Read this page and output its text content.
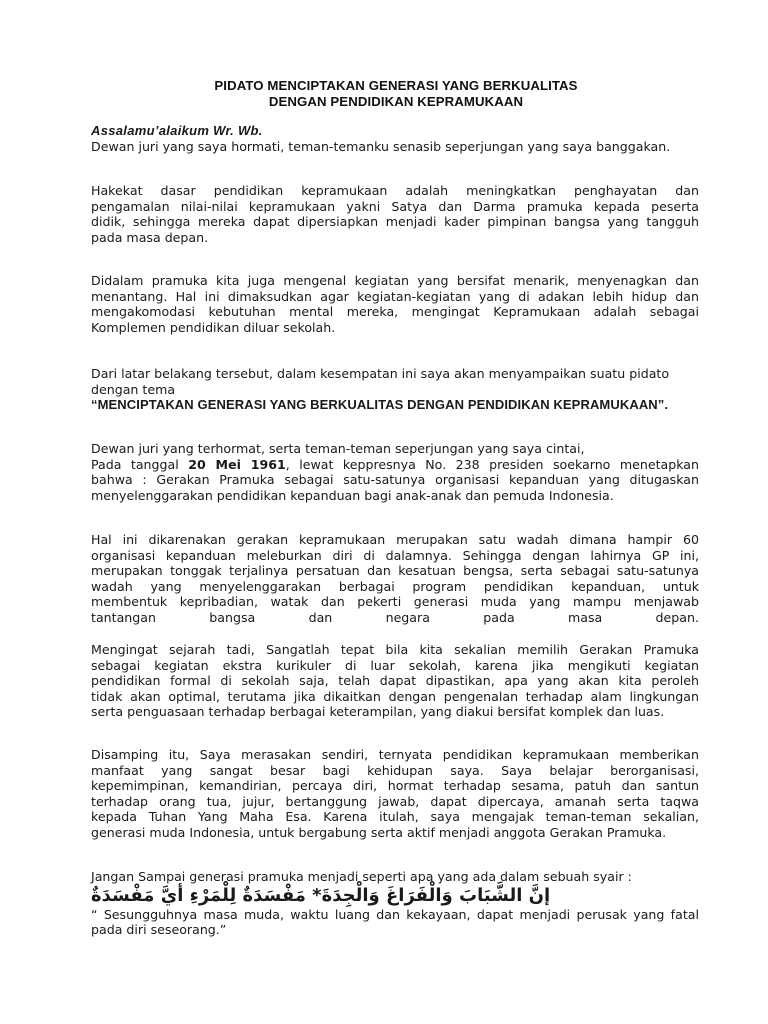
PIDATO MENCIPTAKAN GENERASI YANG BERKUALITAS
DENGAN PENDIDIKAN KEPRAMUKAAN
Assalamu’alaikum Wr. Wb.
Dewan juri yang saya hormati, teman-temanku senasib seperjungan yang saya banggakan.
Hakekat dasar pendidikan kepramukaan adalah meningkatkan penghayatan dan
pengamalan nilai-nilai kepramukaan yakni Satya dan Darma pramuka kepada peserta
didik, sehingga mereka dapat dipersiapkan menjadi kader pimpinan bangsa yang tangguh
pada masa depan.
Didalam pramuka kita juga mengenal kegiatan yang bersifat menarik, menyenagkan dan
menantang. Hal ini dimaksudkan agar kegiatan-kegiatan yang di adakan lebih hidup dan
mengakomodasi kebutuhan mental mereka, mengingat Kepramukaan adalah sebagai
Komplemen pendidikan diluar sekolah.
Dari latar belakang tersebut, dalam kesempatan ini saya akan menyampaikan suatu pidato
dengan tema
“MENCIPTAKAN GENERASI YANG BERKUALITAS DENGAN PENDIDIKAN KEPRAMUKAAN”.
Dewan juri yang terhormat, serta teman-teman seperjungan yang saya cintai,
Pada tanggal 20 Mei 1961, lewat keppresnya No. 238 presiden soekarno menetapkan
bahwa : Gerakan Pramuka sebagai satu-satunya organisasi kepanduan yang ditugaskan
menyelenggarakan pendidikan kepanduan bagi anak-anak dan pemuda Indonesia.
Hal ini dikarenakan gerakan kepramukaan merupakan satu wadah dimana hampir 60
organisasi kepanduan meleburkan diri di dalamnya. Sehingga dengan lahirnya GP ini,
merupakan tonggak terjalinya persatuan dan kesatuan bengsa, serta sebagai satu-satunya
wadah yang menyelenggarakan berbagai program pendidikan kepanduan, untuk
membentuk kepribadian, watak dan pekerti generasi muda yang mampu menjawab
tantangan bangsa dan negara pada masa depan.
Mengingat sejarah tadi, Sangatlah tepat bila kita sekalian memilih Gerakan Pramuka
sebagai kegiatan ekstra kurikuler di luar sekolah, karena jika mengikuti kegiatan
pendidikan formal di sekolah saja, telah dapat dipastikan, apa yang akan kita peroleh
tidak akan optimal, terutama jika dikaitkan dengan pengenalan terhadap alam lingkungan
serta penguasaan terhadap berbagai keterampilan, yang diakui bersifat komplek dan luas.
Disamping itu, Saya merasakan sendiri, ternyata pendidikan kepramukaan memberikan
manfaat yang sangat besar bagi kehidupan saya. Saya belajar berorganisasi,
kepemimpinan, kemandirian, percaya diri, hormat terhadap sesama, patuh dan santun
terhadap orang tua, jujur, bertanggung jawab, dapat dipercaya, amanah serta taqwa
kepada Tuhan Yang Maha Esa. Karena itulah, saya mengajak teman-teman sekalian,
generasi muda Indonesia, untuk bergabung serta aktif menjadi anggota Gerakan Pramuka.
Jangan Sampai generasi pramuka menjadi seperti apa yang ada dalam sebuah syair :
إنَّ الشَّبَابَ وَالْفَرَاغَ وَالْجِدَةَ* مَفْسَدَةٌ لِلْمَرْءِ أيَّ مَفْسَدَةٌ
“ Sesungguhnya masa muda, waktu luang dan kekayaan, dapat menjadi perusak yang fatal
pada diri seseorang.”
